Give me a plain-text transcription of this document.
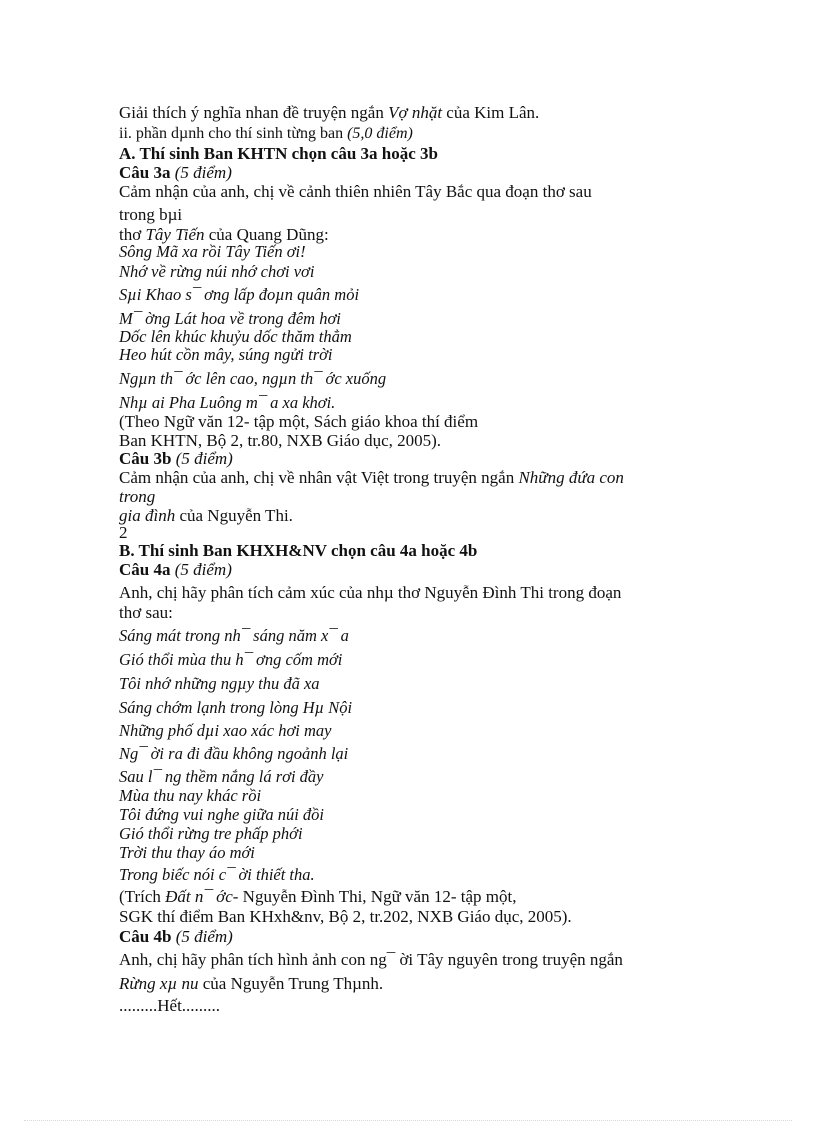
Giải thích ý nghĩa nhan đề truyện ngắn Vợ nhặt của Kim Lân.
ii. phần dµnh cho thí sinh từng ban (5,0 điểm)
A. Thí sinh Ban KHTN chọn câu 3a hoặc 3b
Câu 3a (5 điểm)
Cảm nhận của anh, chị về cảnh thiên nhiên Tây Bắc qua đoạn thơ sau
trong bµi
thơ Tây Tiến của Quang Dũng:
Sông Mã xa rồi Tây Tiến ơi!
Nhớ về rừng núi nhớ chơi vơi
Sµi Khao s¯ ơng lấp đoµn quân mỏi
M¯ ờng Lát hoa về trong đêm hơi
Dốc lên khúc khuỷu dốc thăm thẳm
Heo hút cồn mây, súng ngửi trời
Ngµn th¯ ớc lên cao, ngµn th¯ ớc xuống
Nhµ ai Pha Luông m¯ a xa khơi.
(Theo Ngữ văn 12- tập một, Sách giáo khoa thí điểm
Ban KHTN, Bộ 2, tr.80, NXB Giáo dục, 2005).
Câu 3b (5 điểm)
Cảm nhận của anh, chị về nhân vật Việt trong truyện ngắn Những đứa con
trong
gia đình của Nguyễn Thi.
2
B. Thí sinh Ban KHXH&NV chọn câu 4a hoặc 4b
Câu 4a (5 điểm)
Anh, chị hãy phân tích cảm xúc của nhµ thơ Nguyễn Đình Thi trong đoạn
thơ sau:
Sáng mát trong nh¯ sáng năm x¯ a
Gió thổi mùa thu h¯ ơng cốm mới
Tôi nhớ những ngµy thu đã xa
Sáng chớm lạnh trong lòng Hµ Nội
Những phố dµi xao xác hơi may
Ng¯ ời ra đi đầu không ngoảnh lại
Sau l¯ ng thềm nắng lá rơi đầy
Mùa thu nay khác rồi
Tôi đứng vui nghe giữa núi đồi
Gió thổi rừng tre phấp phới
Trời thu thay áo mới
Trong biếc nói c¯ ời thiết tha.
(Trích Đất n¯ ớc- Nguyễn Đình Thi, Ngữ văn 12- tập một,
SGK thí điểm Ban KHxh&nv, Bộ 2, tr.202, NXB Giáo dục, 2005).
Câu 4b (5 điểm)
Anh, chị hãy phân tích hình ảnh con ng¯ ời Tây nguyên trong truyện ngắn
Rừng xµ nu của Nguyễn Trung Thµnh.
.........Hết.........
